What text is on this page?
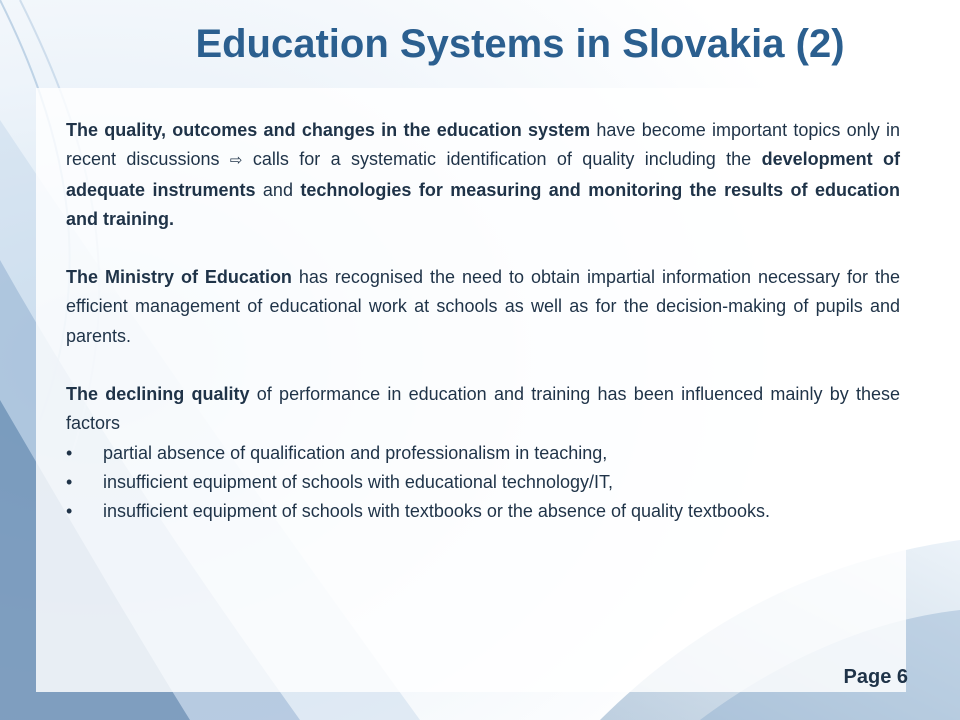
Education Systems in Slovakia (2)

The quality, outcomes and changes in the education system have become important topics only in recent discussions ⇨ calls for a systematic identification of quality including the development of adequate instruments and technologies for measuring and monitoring the results of education and training.

The Ministry of Education has recognised the need to obtain impartial information necessary for the efficient management of educational work at schools as well as for the decision-making of pupils and parents.

The declining quality of performance in education and training has been influenced mainly by these factors

• partial absence of qualification and professionalism in teaching,
• insufficient equipment of schools with educational technology/IT,
• insufficient equipment of schools with textbooks or the absence of quality textbooks.
Page 6
